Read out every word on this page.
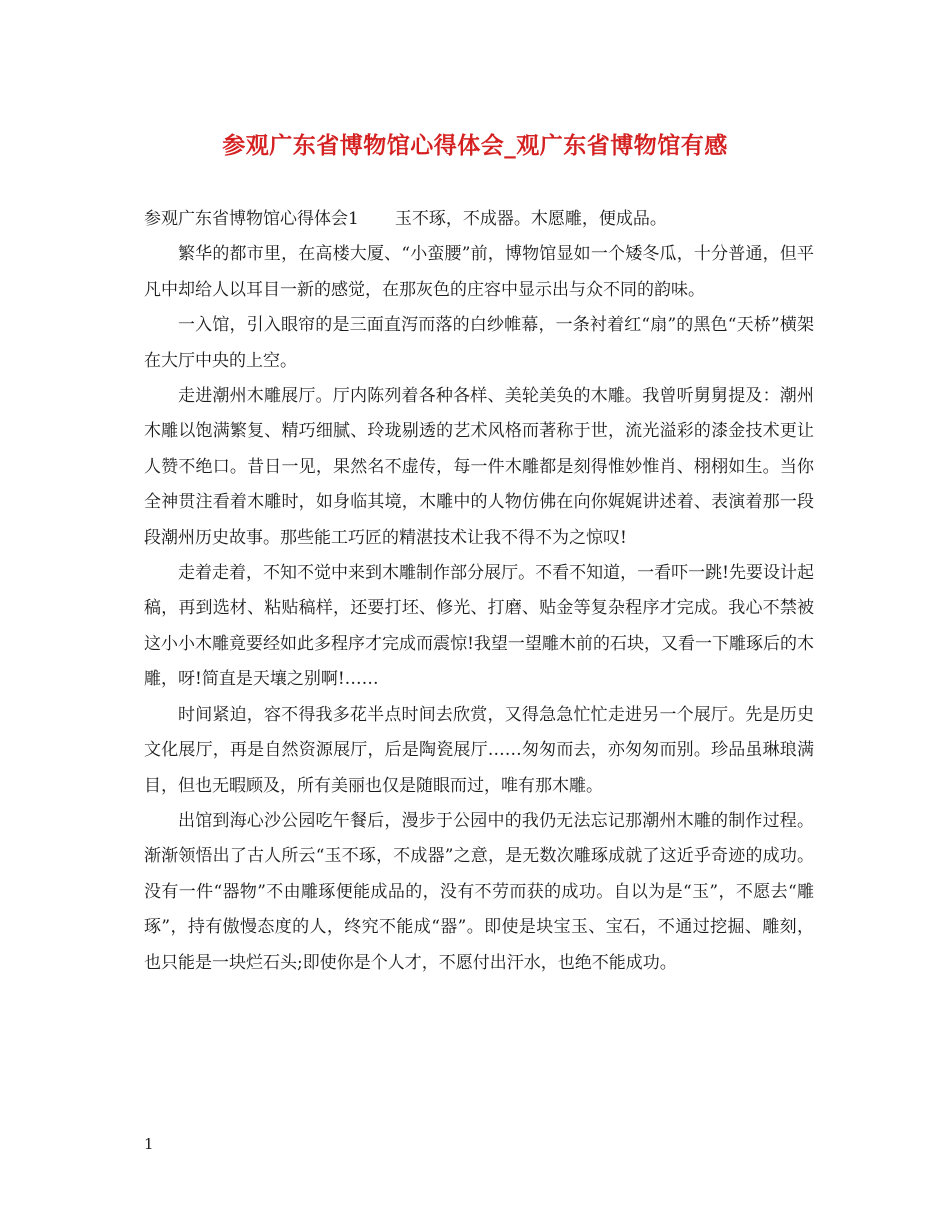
参观广东省博物馆心得体会_观广东省博物馆有感

参观广东省博物馆心得体会1 玉不琢，不成器。木愿雕，便成品。

繁华的都市里，在高楼大厦、“小蛮腰”前，博物馆显如一个矮冬瓜，十分普通，但平凡中却给人以耳目一新的感觉，在那灰色的庄容中显示出与众不同的韵味。

一入馆，引入眼帘的是三面直泻而落的白纱帷幕，一条衬着红“扇”的黑色“天桥”横架在大厅中央的上空。

走进潮州木雕展厅。厅内陈列着各种各样、美轮美奂的木雕。我曾听舅舅提及：潮州木雕以饱满繁复、精巧细腻、玲珑剔透的艺术风格而著称于世，流光溢彩的漆金技术更让人赞不绝口。昔日一见，果然名不虚传，每一件木雕都是刻得惟妙惟肖、栩栩如生。当你全神贯注看着木雕时，如身临其境，木雕中的人物仿佛在向你娓娓讲述着、表演着那一段段潮州历史故事。那些能工巧匠的精湛技术让我不得不为之惊叹!

走着走着，不知不觉中来到木雕制作部分展厅。不看不知道，一看吓一跳!先要设计起稿，再到选材、粘贴稿样，还要打坯、修光、打磨、贴金等复杂程序才完成。我心不禁被这小小木雕竟要经如此多程序才完成而震惊!我望一望雕木前的石块，又看一下雕琢后的木雕，呀!简直是天壤之别啊!……

时间紧迫，容不得我多花半点时间去欣赏，又得急急忙忙走进另一个展厅。先是历史文化展厅，再是自然资源展厅，后是陶瓷展厅……匆匆而去，亦匆匆而别。珍品虽琳琅满目，但也无暇顾及，所有美丽也仅是随眼而过，唯有那木雕。

出馆到海心沙公园吃午餐后，漫步于公园中的我仍无法忘记那潮州木雕的制作过程。渐渐领悟出了古人所云“玉不琢，不成器”之意，是无数次雕琢成就了这近乎奇迹的成功。没有一件“器物”不由雕琢便能成品的，没有不劳而获的成功。自以为是“玉”，不愿去“雕琢”，持有傲慢态度的人，终究不能成“器”。即使是块宝玉、宝石，不通过挖掘、雕刻，也只能是一块烂石头;即使你是个人才，不愿付出汗水，也绝不能成功。

1
